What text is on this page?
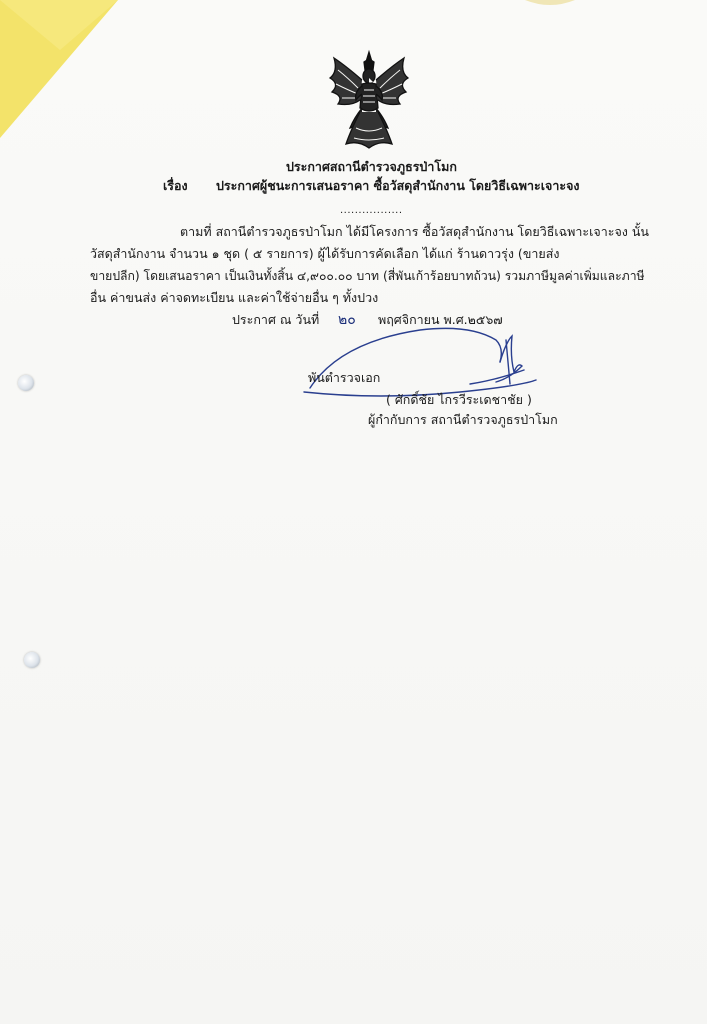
ประกาศสถานีตำรวจภูธรป่าโมก
เรื่อง ประกาศผู้ชนะการเสนอราคา ซื้อวัสดุสำนักงาน โดยวิธีเฉพาะเจาะจง
.................
ตามที่ สถานีตำรวจภูธรป่าโมก ได้มีโครงการ ซื้อวัสดุสำนักงาน โดยวิธีเฉพาะเจาะจง นั้น
วัสดุสำนักงาน จำนวน ๑ ชุด ( ๕ รายการ) ผู้ได้รับการคัดเลือก ได้แก่ ร้านดาวรุ่ง (ขายส่ง
ขายปลีก) โดยเสนอราคา เป็นเงินทั้งสิ้น ๔,๙๐๐.๐๐ บาท (สี่พันเก้าร้อยบาทถ้วน) รวมภาษีมูลค่าเพิ่มและภาษี
อื่น ค่าขนส่ง ค่าจดทะเบียน และค่าใช้จ่ายอื่น ๆ ทั้งปวง
ประกาศ ณ วันที่ ๒๐ พฤศจิกายน พ.ศ.๒๕๖๗
พันตำรวจเอก
( ศักดิ์ชัย ไกรวีระเดชาชัย )
ผู้กำกับการ สถานีตำรวจภูธรป่าโมก
